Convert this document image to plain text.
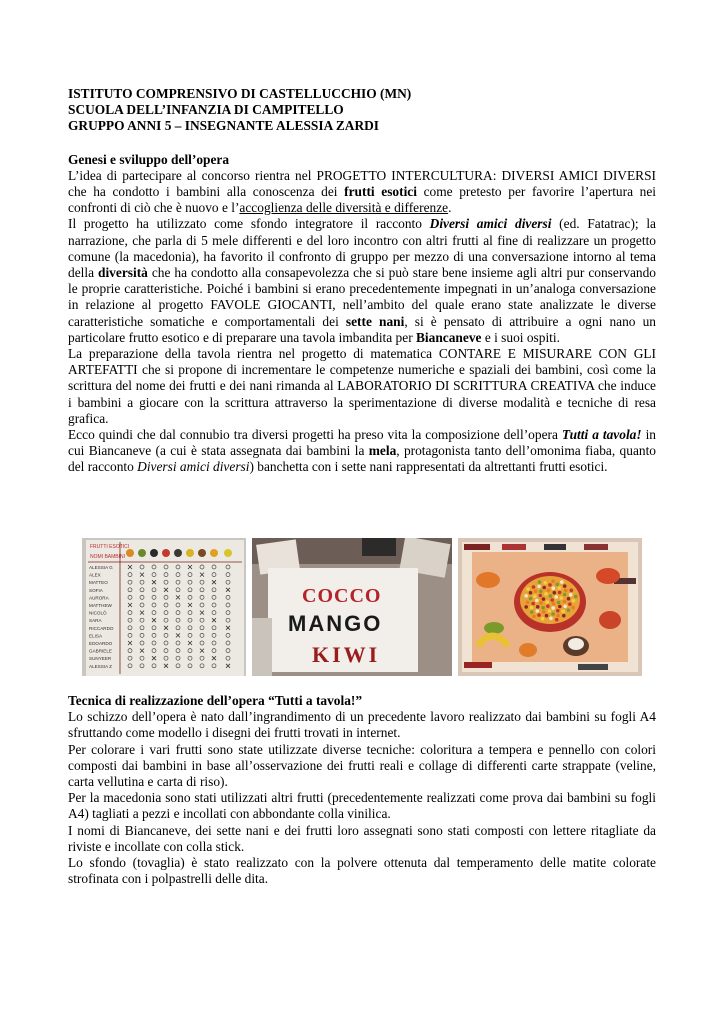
ISTITUTO COMPRENSIVO DI CASTELLUCCHIO (MN)

SCUOLA DELL’INFANZIA DI CAMPITELLO

GRUPPO ANNI 5 – INSEGNANTE ALESSIA ZARDI

Genesi e sviluppo dell’opera

L’idea di partecipare al concorso rientra nel PROGETTO INTERCULTURA: DIVERSI AMICI DIVERSI che ha condotto i bambini alla conoscenza dei frutti esotici come pretesto per favorire l’apertura nei confronti di ciò che è nuovo e l’accoglienza delle diversità e differenze.

Il progetto ha utilizzato come sfondo integratore il racconto Diversi amici diversi (ed. Fatatrac); la narrazione, che parla di 5 mele differenti e del loro incontro con altri frutti al fine di realizzare un progetto comune (la macedonia), ha favorito il confronto di gruppo per mezzo di una conversazione intorno al tema della diversità che ha condotto alla consapevolezza che si può stare bene insieme agli altri pur conservando le proprie caratteristiche. Poiché i bambini si erano precedentemente impegnati in un’analoga conversazione in relazione al progetto FAVOLE GIOCANTI, nell’ambito del quale erano state analizzate le diverse caratteristiche somatiche e comportamentali dei sette nani, si è pensato di attribuire a ogni nano un particolare frutto esotico e di preparare una tavola imbandita per Biancaneve e i suoi ospiti.

La preparazione della tavola rientra nel progetto di matematica CONTARE E MISURARE CON GLI ARTEFATTI che si propone di incrementare le competenze numeriche e spaziali dei bambini, così come la scrittura del nome dei frutti e dei nani rimanda al LABORATORIO DI SCRITTURA CREATIVA che induce i bambini a giocare con la scrittura attraverso la sperimentazione di diverse modalità e tecniche di resa grafica.

Ecco quindi che dal connubio tra diversi progetti ha preso vita la composizione dell’opera Tutti a tavola! in cui Biancaneve (a cui è stata assegnata dai bambini la mela, protagonista tanto dell’omonima fiaba, quanto del racconto Diversi amici diversi) banchetta con i sette nani rappresentati da altrettanti frutti esotici.

FRUTTI ESOTICI
NOMI BAMBINI
ALESSIA G
ALEX
MATTEO
SOFIA
AURORA
MATTHEW
NICOLÒ
SARA
RICCARDO
ELISA
EDOARDO
GABRIELE
SUNYEER
ALESSIA Z
COCCO
MANGO
KIWI

Tecnica di realizzazione dell’opera “Tutti a tavola!”

Lo schizzo dell’opera è nato dall’ingrandimento di un precedente lavoro realizzato dai bambini su fogli A4 sfruttando come modello i disegni dei frutti trovati in internet.

Per colorare i vari frutti sono state utilizzate diverse tecniche: coloritura a tempera e pennello con colori composti dai bambini in base all’osservazione dei frutti reali e collage di differenti carte strappate (veline, carta vellutina e carta di riso).

Per la macedonia sono stati utilizzati altri frutti (precedentemente realizzati come prova dai bambini su fogli A4) tagliati a pezzi e incollati con abbondante colla vinilica.

I nomi di Biancaneve, dei sette nani e dei frutti loro assegnati sono stati composti con lettere ritagliate da riviste e incollate con colla stick.

Lo sfondo (tovaglia) è stato realizzato con la polvere ottenuta dal temperamento delle matite colorate strofinata con i polpastrelli delle dita.
